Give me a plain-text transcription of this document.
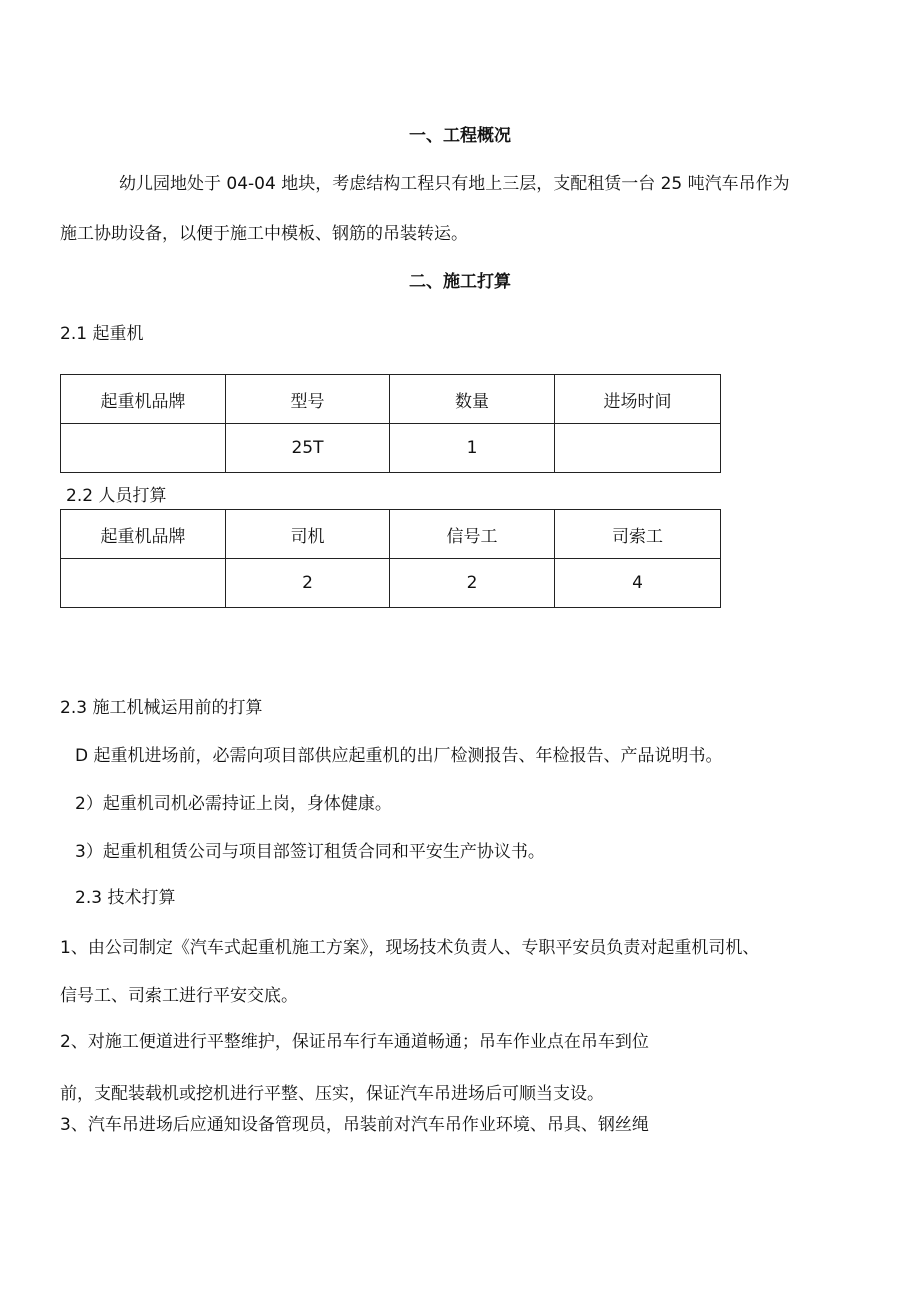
一、工程概况
幼儿园地处于 04-04 地块，考虑结构工程只有地上三层，支配租赁一台 25 吨汽车吊作为
施工协助设备，以便于施工中模板、钢筋的吊装转运。
二、施工打算
2.1 起重机
起重机品牌	型号	数量	进场时间
	25T	1	
2.2 人员打算
起重机品牌	司机	信号工	司索工
	2	2	4
2.3 施工机械运用前的打算
D 起重机进场前，必需向项目部供应起重机的出厂检测报告、年检报告、产品说明书。
2）起重机司机必需持证上岗，身体健康。
3）起重机租赁公司与项目部签订租赁合同和平安生产协议书。
2.3 技术打算
1、由公司制定《汽车式起重机施工方案》，现场技术负责人、专职平安员负责对起重机司机、
信号工、司索工进行平安交底。
2、对施工便道进行平整维护，保证吊车行车通道畅通；吊车作业点在吊车到位
前，支配装载机或挖机进行平整、压实，保证汽车吊进场后可顺当支设。
3、汽车吊进场后应通知设备管现员，吊装前对汽车吊作业环境、吊具、钢丝绳
